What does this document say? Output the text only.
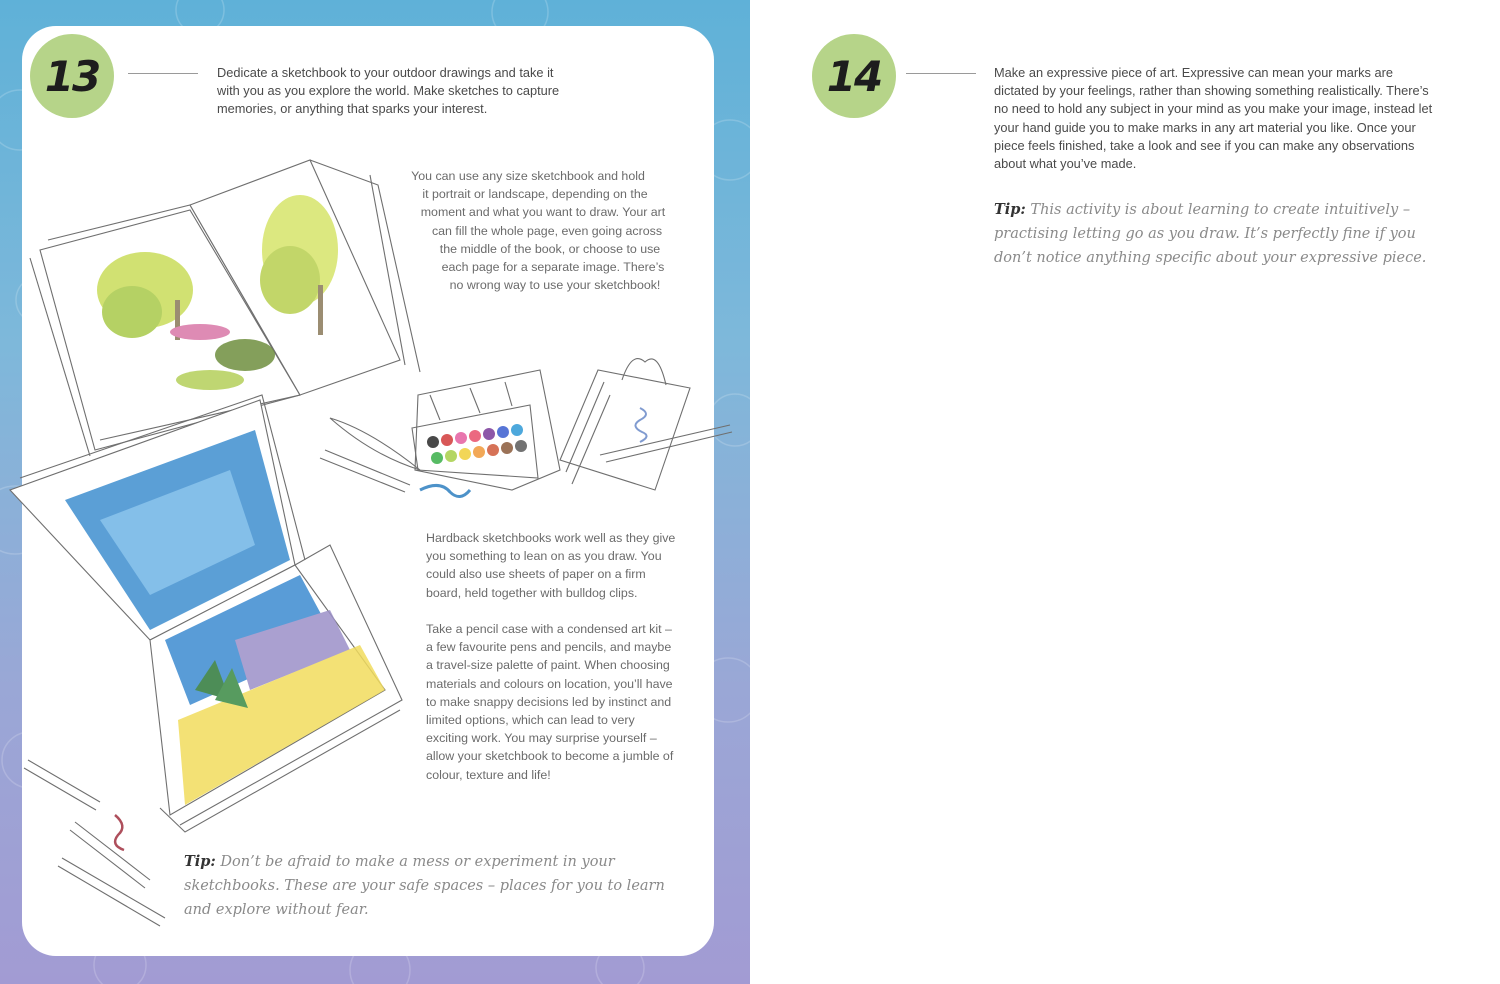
13	Dedicate a sketchbook to your outdoor drawings and take it with you as you explore the world. Make sketches to capture memories, or anything that sparks your interest.
You can use any size sketchbook and hold
it portrait or landscape, depending on the
moment and what you want to draw. Your art
can fill the whole page, even going across
the middle of the book, or choose to use
each page for a separate image. There’s
no wrong way to use your sketchbook!
Hardback sketchbooks work well as they give you something to lean on as you draw. You could also use sheets of paper on a firm board, held together with bulldog clips.
Take a pencil case with a condensed art kit – a few favourite pens and pencils, and maybe a travel-size palette of paint. When choosing materials and colours on location, you’ll have to make snappy decisions led by instinct and limited options, which can lead to very exciting work. You may surprise yourself – allow your sketchbook to become a jumble of colour, texture and life!
Tip: Don’t be afraid to make a mess or experiment in your sketchbooks. These are your safe spaces – places for you to learn and explore without fear.
14	Make an expressive piece of art. Expressive can mean your marks are dictated by your feelings, rather than showing something realistically. There’s no need to hold any subject in your mind as you make your image, instead let your hand guide you to make marks in any art material you like. Once your piece feels finished, take a look and see if you can make any observations about what you’ve made.
Tip: This activity is about learning to create intuitively – practising letting go as you draw. It’s perfectly fine if you don’t notice anything specific about your expressive piece.
